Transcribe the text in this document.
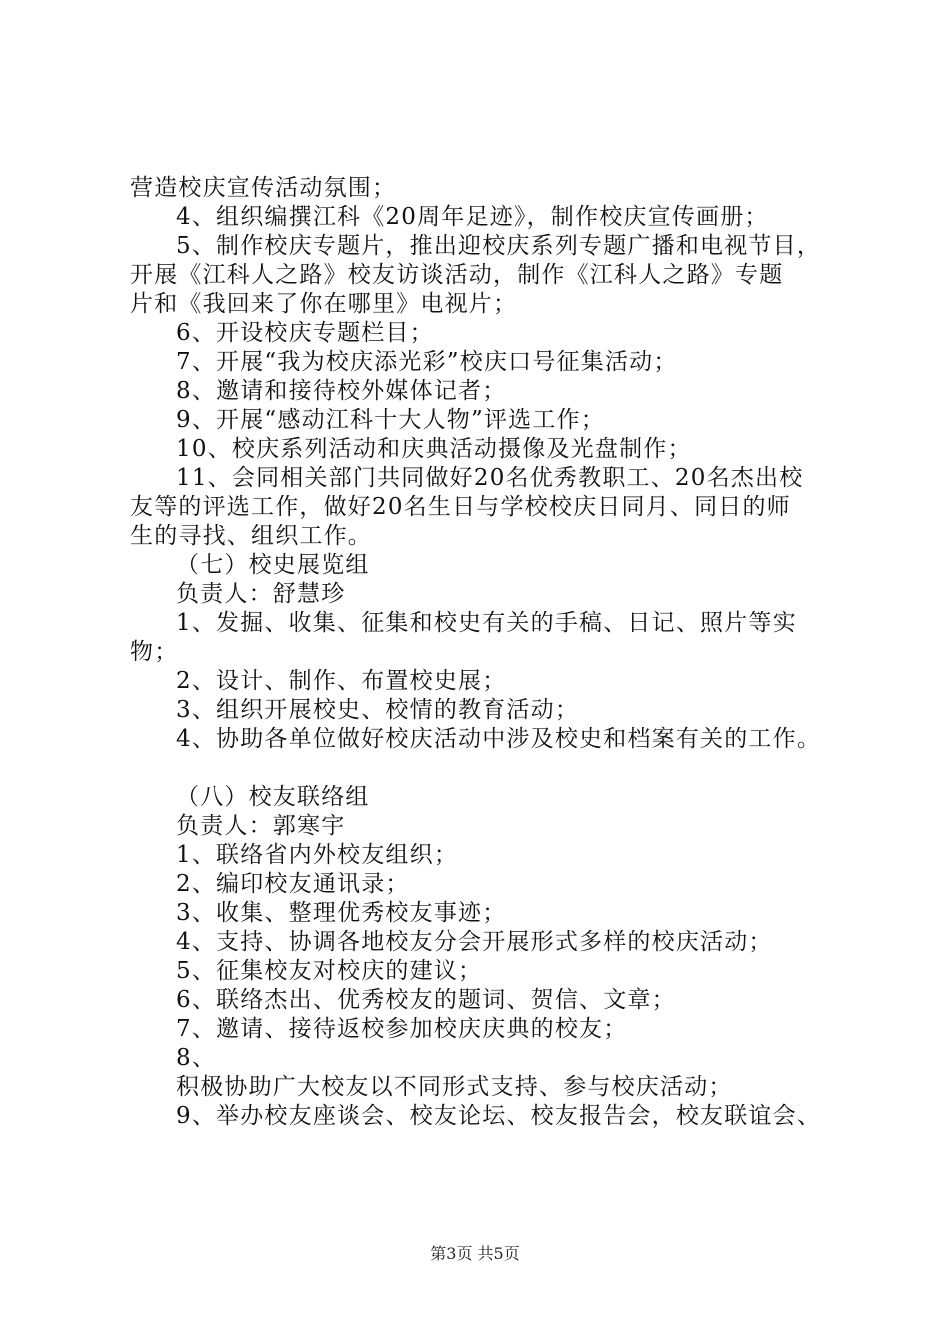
营造校庆宣传活动氛围；
4、组织编撰江科《20周年足迹》，制作校庆宣传画册；
5、制作校庆专题片，推出迎校庆系列专题广播和电视节目，
开展《江科人之路》校友访谈活动，制作《江科人之路》专题
片和《我回来了你在哪里》电视片；
6、开设校庆专题栏目；
7、开展“我为校庆添光彩”校庆口号征集活动；
8、邀请和接待校外媒体记者；
9、开展“感动江科十大人物”评选工作；
10、校庆系列活动和庆典活动摄像及光盘制作；
11、会同相关部门共同做好20名优秀教职工、20名杰出校
友等的评选工作，做好20名生日与学校校庆日同月、同日的师
生的寻找、组织工作。
（七）校史展览组
负责人：舒慧珍
1、发掘、收集、征集和校史有关的手稿、日记、照片等实
物；
2、设计、制作、布置校史展；
3、组织开展校史、校情的教育活动；
4、协助各单位做好校庆活动中涉及校史和档案有关的工作。
（八）校友联络组
负责人：郭寒宇
1、联络省内外校友组织；
2、编印校友通讯录；
3、收集、整理优秀校友事迹；
4、支持、协调各地校友分会开展形式多样的校庆活动；
5、征集校友对校庆的建议；
6、联络杰出、优秀校友的题词、贺信、文章；
7、邀请、接待返校参加校庆庆典的校友；
8、
积极协助广大校友以不同形式支持、参与校庆活动；
9、举办校友座谈会、校友论坛、校友报告会，校友联谊会、
第3页 共5页
